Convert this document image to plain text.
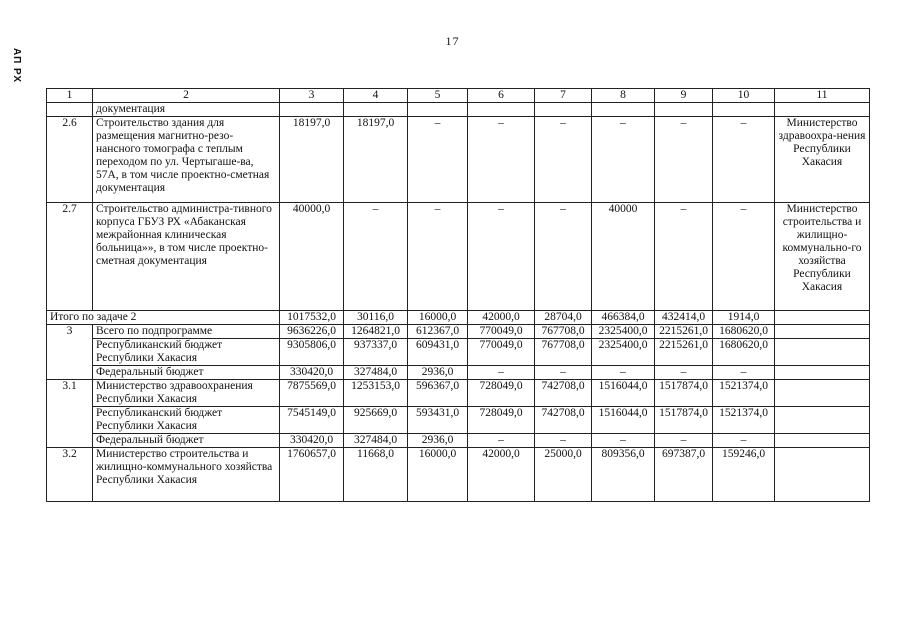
17
АП РХ
1	2	3	4	5	6	7	8	9	10	11
	документация									
2.6	Строительство здания для размещения магнитно-резо-нансного томографа с теплым переходом по ул. Чертыгаше-ва, 57А, в том числе проектно-сметная документация	18197,0	18197,0	–	–	–	–	–	–	Министерство здравоохра-нения Республики Хакасия
2.7	Строительство администра-тивного корпуса ГБУЗ РХ «Абаканская межрайонная клиническая больница»», в том числе проектно-сметная документация	40000,0	–	–	–	–	40000	–	–	Министерство строительства и жилищно-коммунально-го хозяйства Республики Хакасия
Итого по задаче 2		1017532,0	30116,0	16000,0	42000,0	28704,0	466384,0	432414,0	1914,0	
3	Всего по подпрограмме	9636226,0	1264821,0	612367,0	770049,0	767708,0	2325400,0	2215261,0	1680620,0	
	Республиканский бюджет Республики Хакасия	9305806,0	937337,0	609431,0	770049,0	767708,0	2325400,0	2215261,0	1680620,0	
	Федеральный бюджет	330420,0	327484,0	2936,0	–	–	–	–	–	
3.1	Министерство здравоохранения Республики Хакасия	7875569,0	1253153,0	596367,0	728049,0	742708,0	1516044,0	1517874,0	1521374,0	
	Республиканский бюджет Республики Хакасия	7545149,0	925669,0	593431,0	728049,0	742708,0	1516044,0	1517874,0	1521374,0	
	Федеральный бюджет	330420,0	327484,0	2936,0	–	–	–	–	–	
3.2	Министерство строительства и жилищно-коммунального хозяйства Республики Хакасия	1760657,0	11668,0	16000,0	42000,0	25000,0	809356,0	697387,0	159246,0	
